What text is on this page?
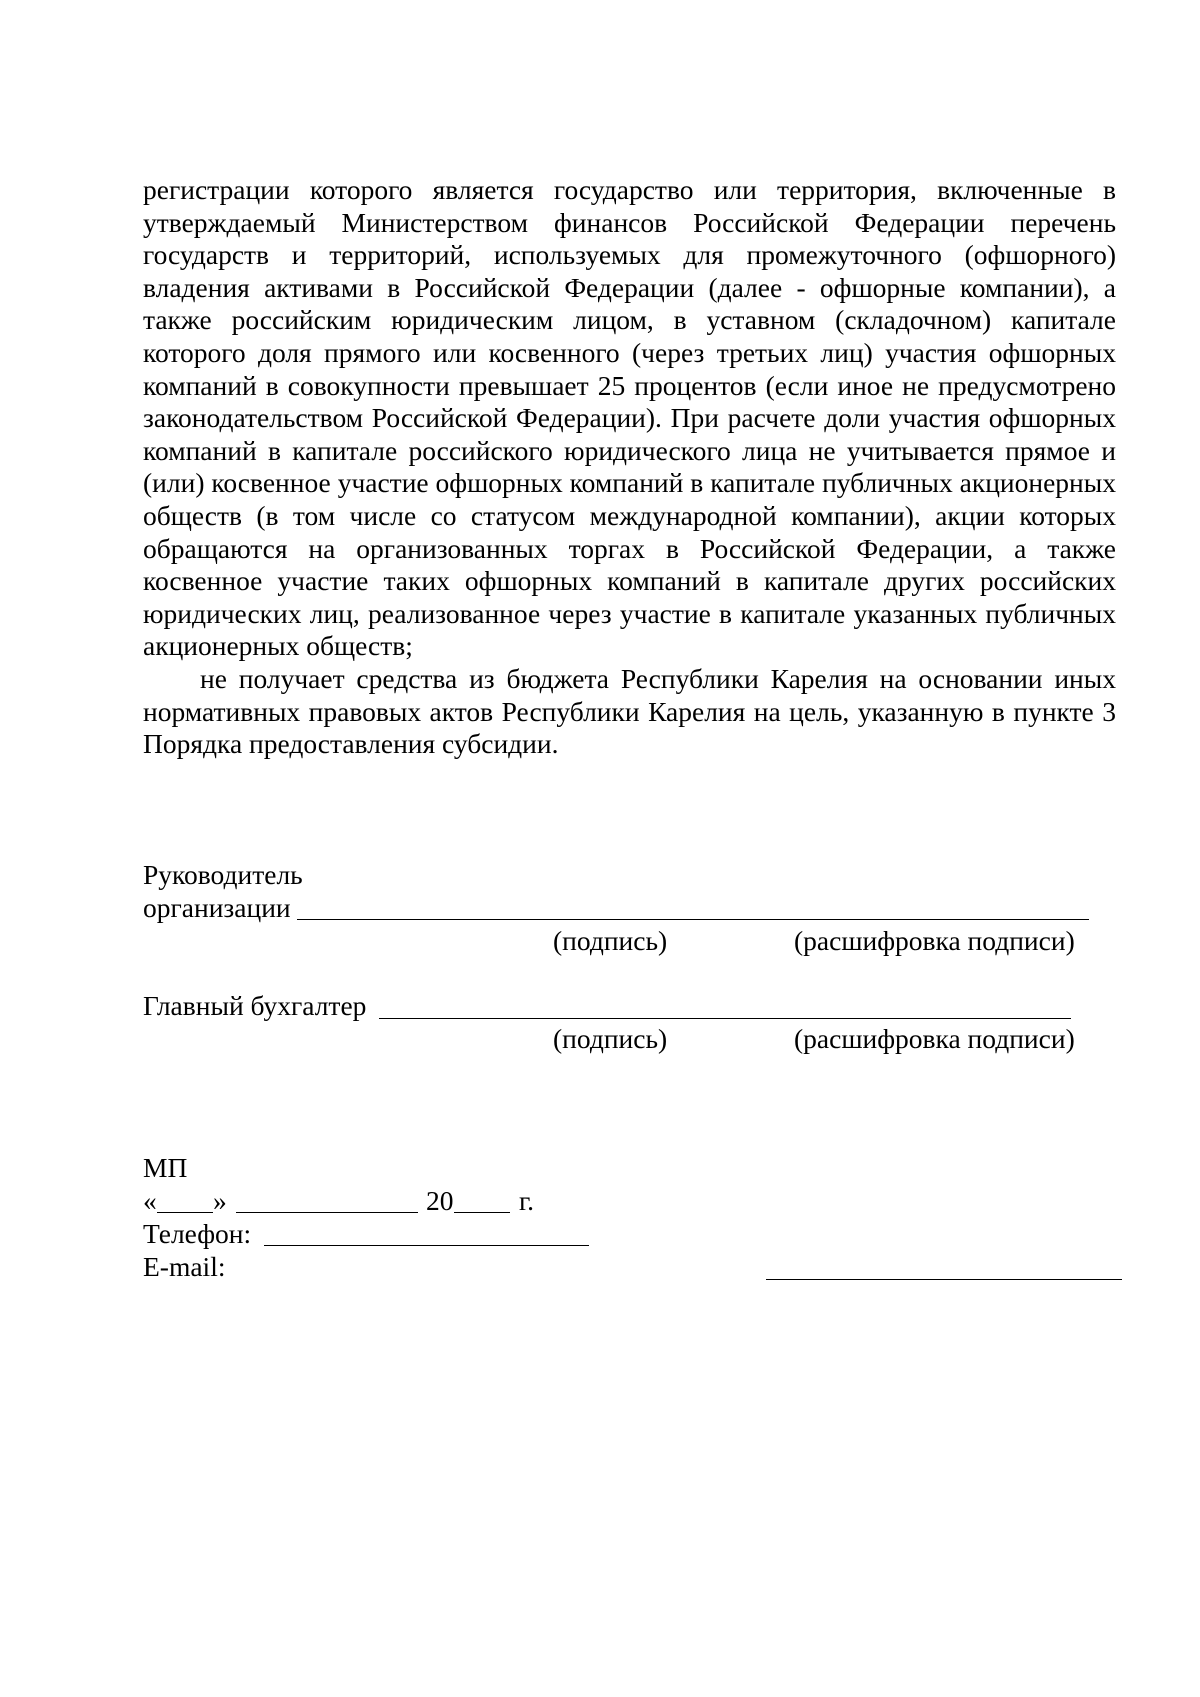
регистрации которого является государство или территория, включенные в утверждаемый Министерством финансов Российской Федерации перечень государств и территорий, используемых для промежуточного (офшорного) владения активами в Российской Федерации (далее - офшорные компании), а также российским юридическим лицом, в уставном (складочном) капитале которого доля прямого или косвенного (через третьих лиц) участия офшорных компаний в совокупности превышает 25 процентов (если иное не предусмотрено законодательством Российской Федерации). При расчете доли участия офшорных компаний в капитале российского юридического лица не учитывается прямое и (или) косвенное участие офшорных компаний в капитале публичных акционерных обществ (в том числе со статусом международной компании), акции которых обращаются на организованных торгах в Российской Федерации, а также косвенное участие таких офшорных компаний в капитале других российских юридических лиц, реализованное через участие в капитале указанных публичных акционерных обществ;

не получает средства из бюджета Республики Карелия на основании иных нормативных правовых актов Республики Карелия на цель, указанную в пункте 3 Порядка предоставления субсидии.

Руководитель
организации
(подпись)	(расшифровка подписи)
Главный бухгалтер
(подпись)	(расшифровка подписи)
МП
« »	20 г.
Телефон:
E-mail:
